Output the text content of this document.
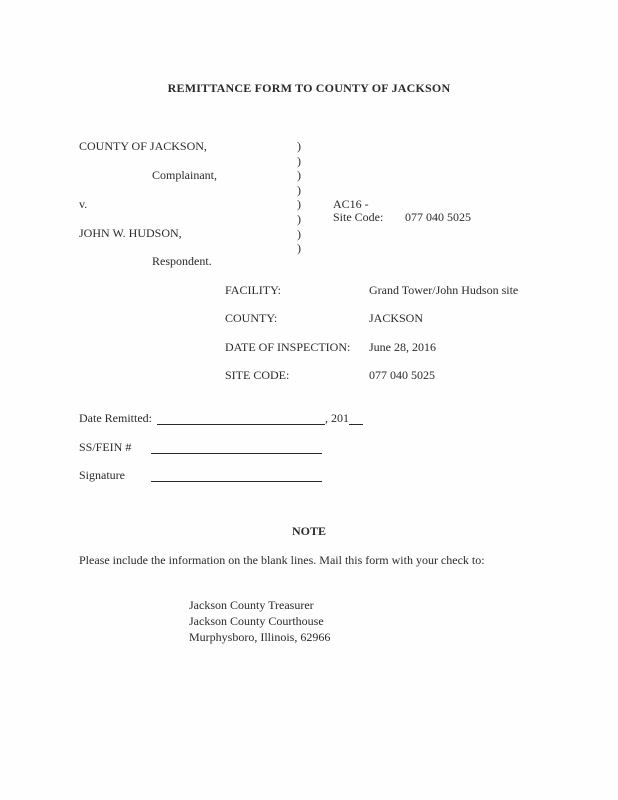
REMITTANCE FORM TO COUNTY OF JACKSON
COUNTY OF JACKSON,
Complainant,
v.
JOHN W. HUDSON,
Respondent.
)
)
)
)
)
)
)
)
AC16 -
Site Code: 077 040 5025
FACILITY:	Grand Tower/John Hudson site
COUNTY:	JACKSON
DATE OF INSPECTION: June 28, 2016
SITE CODE:	077 040 5025
Date Remitted:	, 201
SS/FEIN #
Signature
NOTE
Please include the information on the blank lines. Mail this form with your check to:
Jackson County Treasurer
Jackson County Courthouse
Murphysboro, Illinois, 62966
